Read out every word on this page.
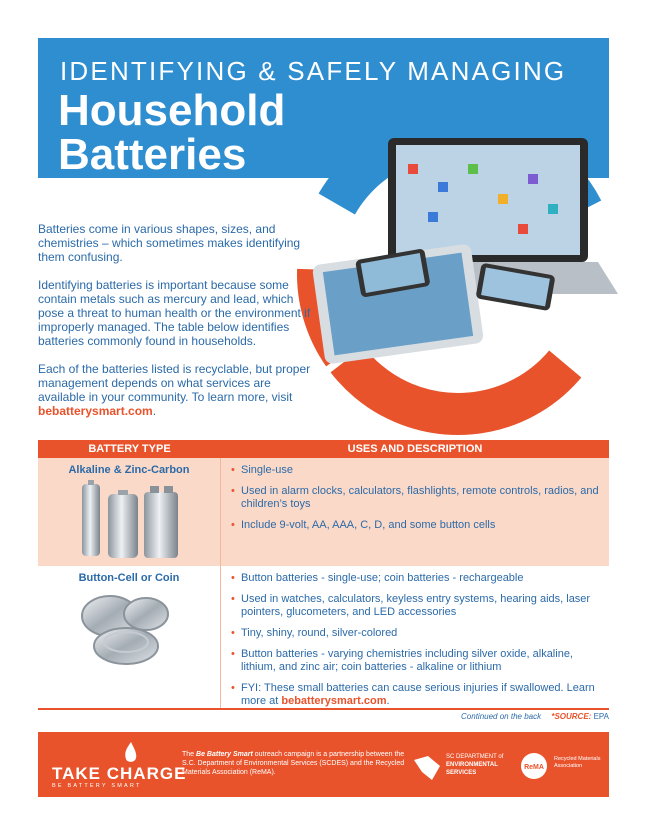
IDENTIFYING & SAFELY MANAGING
Household
Batteries

Batteries come in various shapes, sizes, and chemistries – which sometimes makes identifying them confusing.

Identifying batteries is important because some contain metals such as mercury and lead, which pose a threat to human health or the environment if improperly managed. The table below identifies batteries commonly found in households.

Each of the batteries listed is recyclable, but proper management depends on what services are available in your community. To learn more, visit bebatterysmart.com.

BATTERY TYPE	USES AND DESCRIPTION
Alkaline & Zinc-Carbon	• Single-use
• Used in alarm clocks, calculators, flashlights, remote controls, radios, and children’s toys
• Include 9-volt, AA, AAA, C, D, and some button cells
Button-Cell or Coin	• Button batteries - single-use; coin batteries - rechargeable
• Used in watches, calculators, keyless entry systems, hearing aids, laser pointers, glucometers, and LED accessories
• Tiny, shiny, round, silver-colored
• Button batteries - varying chemistries including silver oxide, alkaline, lithium, and zinc air; coin batteries - alkaline or lithium
• FYI: These small batteries can cause serious injuries if swallowed. Learn more at bebatterysmart.com.
Continued on the back *SOURCE: EPA
TAKE CHARGE
BE BATTERY SMART
The Be Battery Smart outreach campaign is a partnership between the S.C. Department of Environmental Services (SCDES) and the Recycled Materials Association (ReMA).
SC DEPARTMENT of
ENVIRONMENTAL
SERVICES
ReMA
Recycled Materials
Association
